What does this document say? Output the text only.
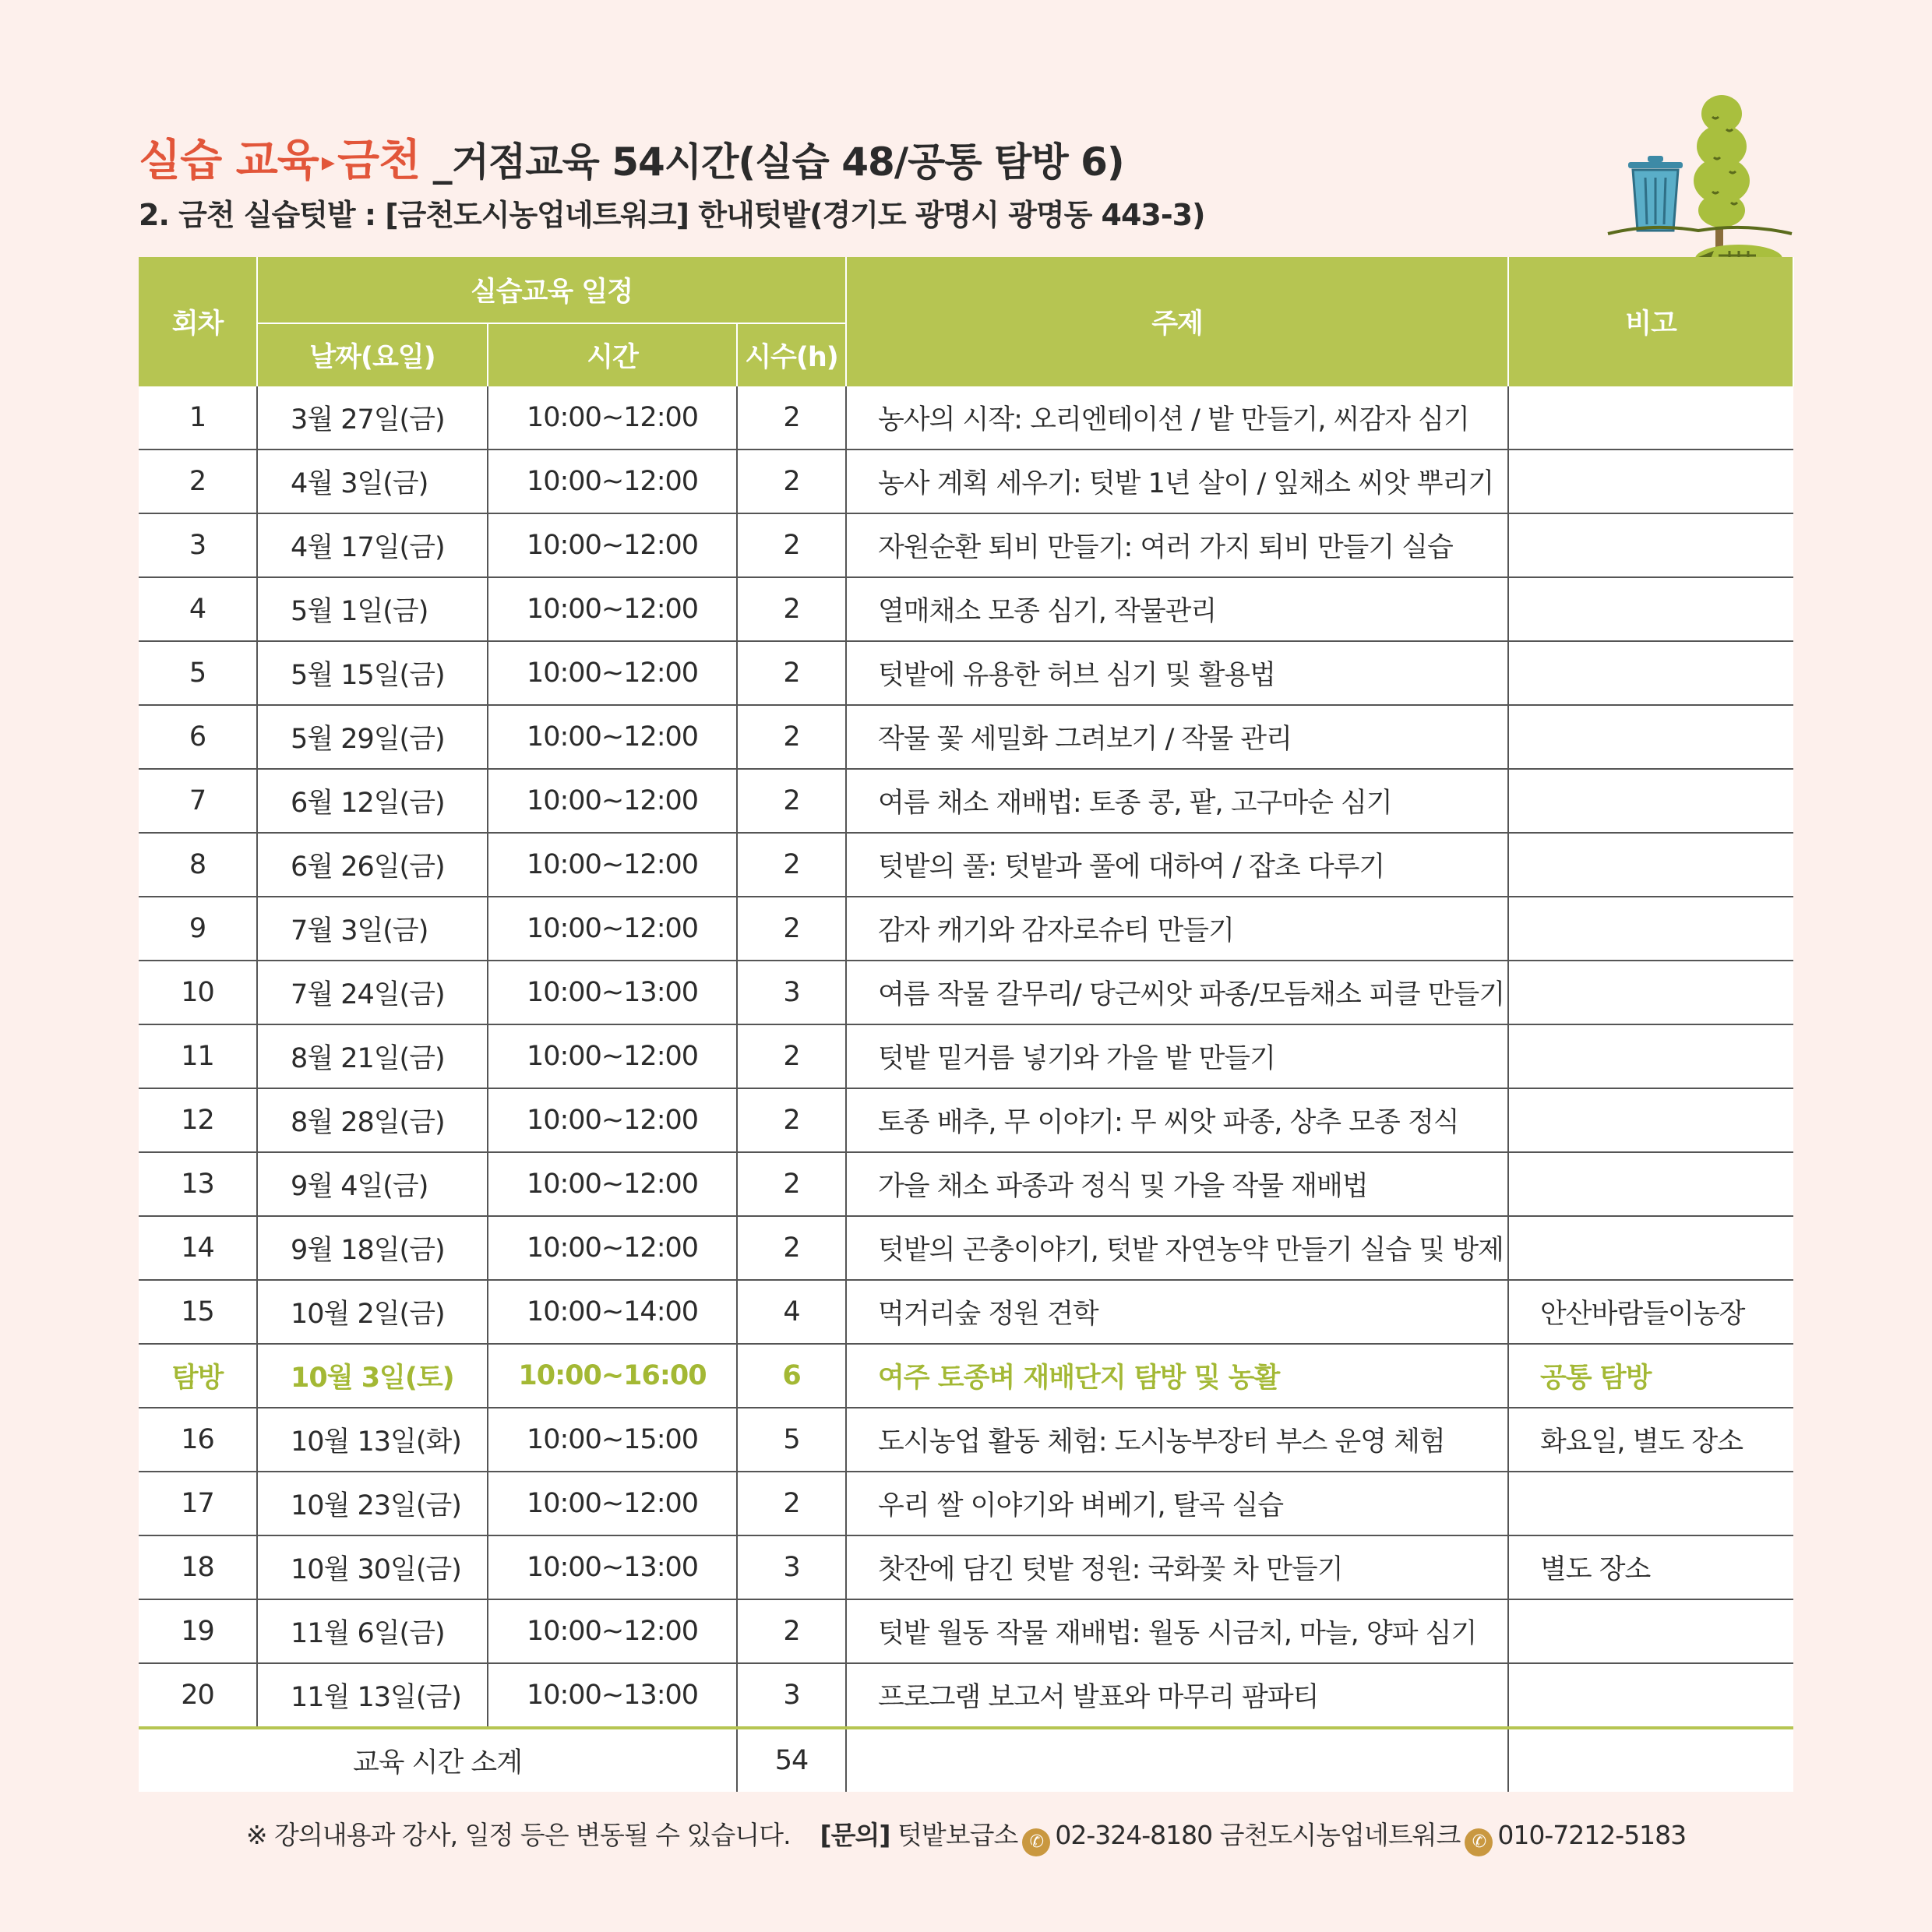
실습 교육 ▸금천 _거점교육 54시간(실습 48/공통 탐방 6)
2. 금천 실습텃밭 : [금천도시농업네트워크] 한내텃밭(경기도 광명시 광명동 443-3)
회차	실습교육 일정			주제	비고
	날짜(요일)	시간	시수(h)		
1	3월 27일(금)	10:00~12:00	2	농사의 시작: 오리엔테이션 / 밭 만들기, 씨감자 심기	
2	4월 3일(금)	10:00~12:00	2	농사 계획 세우기: 텃밭 1년 살이 / 잎채소 씨앗 뿌리기	
3	4월 17일(금)	10:00~12:00	2	자원순환 퇴비 만들기: 여러 가지 퇴비 만들기 실습	
4	5월 1일(금)	10:00~12:00	2	열매채소 모종 심기, 작물관리	
5	5월 15일(금)	10:00~12:00	2	텃밭에 유용한 허브 심기 및 활용법	
6	5월 29일(금)	10:00~12:00	2	작물 꽃 세밀화 그려보기 / 작물 관리	
7	6월 12일(금)	10:00~12:00	2	여름 채소 재배법: 토종 콩, 팥, 고구마순 심기	
8	6월 26일(금)	10:00~12:00	2	텃밭의 풀: 텃밭과 풀에 대하여 / 잡초 다루기	
9	7월 3일(금)	10:00~12:00	2	감자 캐기와 감자로슈티 만들기	
10	7월 24일(금)	10:00~13:00	3	여름 작물 갈무리/ 당근씨앗 파종/모듬채소 피클 만들기	
11	8월 21일(금)	10:00~12:00	2	텃밭 밑거름 넣기와 가을 밭 만들기	
12	8월 28일(금)	10:00~12:00	2	토종 배추, 무 이야기: 무 씨앗 파종, 상추 모종 정식	
13	9월 4일(금)	10:00~12:00	2	가을 채소 파종과 정식 및 가을 작물 재배법	
14	9월 18일(금)	10:00~12:00	2	텃밭의 곤충이야기, 텃밭 자연농약 만들기 실습 및 방제	
15	10월 2일(금)	10:00~14:00	4	먹거리숲 정원 견학	안산바람들이농장
탐방	10월 3일(토)	10:00~16:00	6	여주 토종벼 재배단지 탐방 및 농활	공통 탐방
16	10월 13일(화)	10:00~15:00	5	도시농업 활동 체험: 도시농부장터 부스 운영 체험	화요일, 별도 장소
17	10월 23일(금)	10:00~12:00	2	우리 쌀 이야기와 벼베기, 탈곡 실습	
18	10월 30일(금)	10:00~13:00	3	찻잔에 담긴 텃밭 정원: 국화꽃 차 만들기	별도 장소
19	11월 6일(금)	10:00~12:00	2	텃밭 월동 작물 재배법: 월동 시금치, 마늘, 양파 심기	
20	11월 13일(금)	10:00~13:00	3	프로그램 보고서 발표와 마무리 팜파티	
교육 시간 소계			54		
※ 강의내용과 강사, 일정 등은 변동될 수 있습니다. [문의] 텃밭보급소 ✆ 02-324-8180 금천도시농업네트워크 ✆ 010-7212-5183
